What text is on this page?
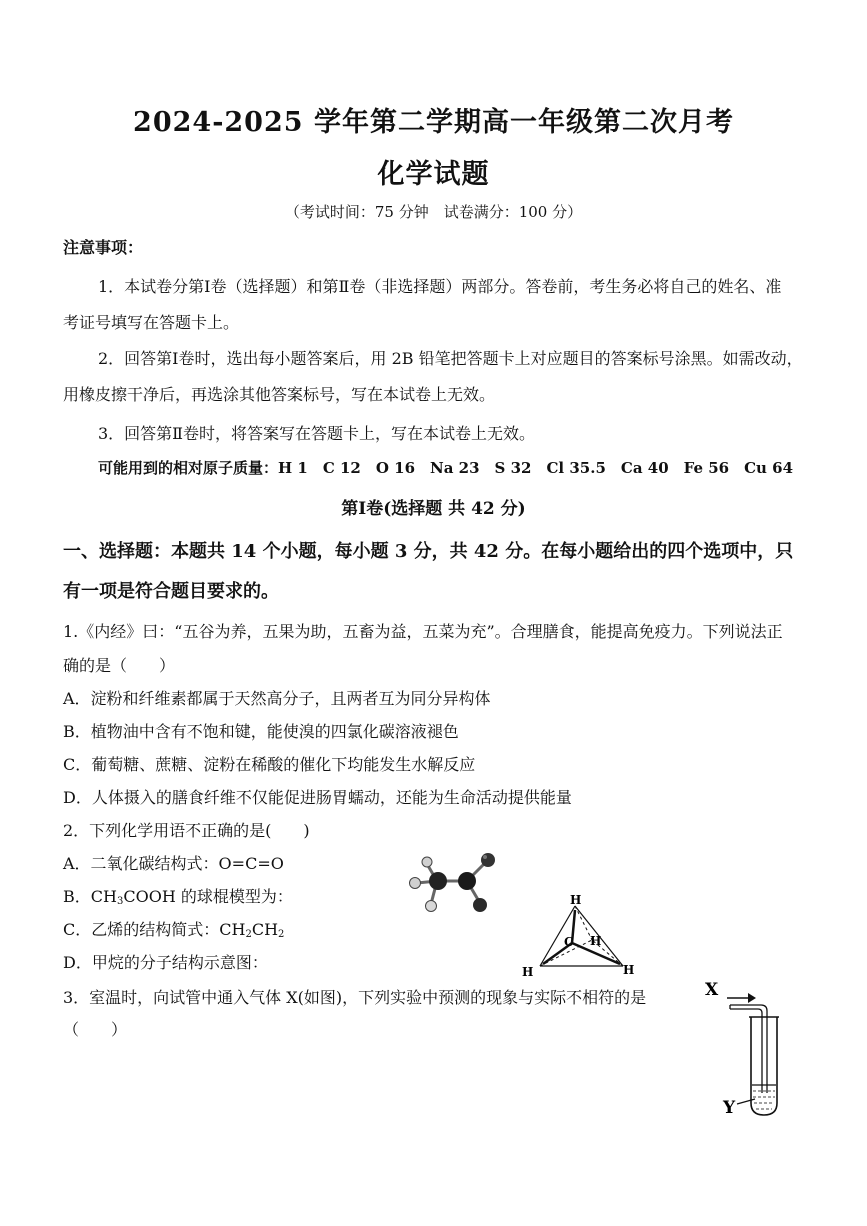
2024-2025 学年第二学期高一年级第二次月考
化学试题
（考试时间：75 分钟　试卷满分：100 分）
注意事项：
1．本试卷分第Ⅰ卷（选择题）和第Ⅱ卷（非选择题）两部分。答卷前，考生务必将自己的姓名、准
考证号填写在答题卡上。
2．回答第Ⅰ卷时，选出每小题答案后，用 2B 铅笔把答题卡上对应题目的答案标号涂黑。如需改动，
用橡皮擦干净后，再选涂其他答案标号，写在本试卷上无效。
3．回答第Ⅱ卷时，将答案写在答题卡上，写在本试卷上无效。
可能用到的相对原子质量：H 1　C 12　O 16　Na 23　S 32　Cl 35.5　Ca 40　Fe 56　Cu 64
第Ⅰ卷(选择题 共 42 分)
一、选择题：本题共 14 个小题，每小题 3 分，共 42 分。在每小题给出的四个选项中，只
有一项是符合题目要求的。
1.《内经》曰：“五谷为养，五果为助，五畜为益，五菜为充”。合理膳食，能提高免疫力。下列说法正
确的是（　　）
A．淀粉和纤维素都属于天然高分子，且两者互为同分异构体
B．植物油中含有不饱和键，能使溴的四氯化碳溶液褪色
C．葡萄糖、蔗糖、淀粉在稀酸的催化下均能发生水解反应
D．人体摄入的膳食纤维不仅能促进肠胃蠕动，还能为生命活动提供能量
2．下列化学用语不正确的是(　　)
A．二氧化碳结构式：O=C=O
B．$CH_3COOH$ 的球棍模型为：
C．乙烯的结构简式：$CH_2CH_2$
D．甲烷的分子结构示意图：
H
C H
H	H
3．室温时，向试管中通入气体 X(如图)，下列实验中预测的现象与实际不相符的是
（　　）
X
Y
